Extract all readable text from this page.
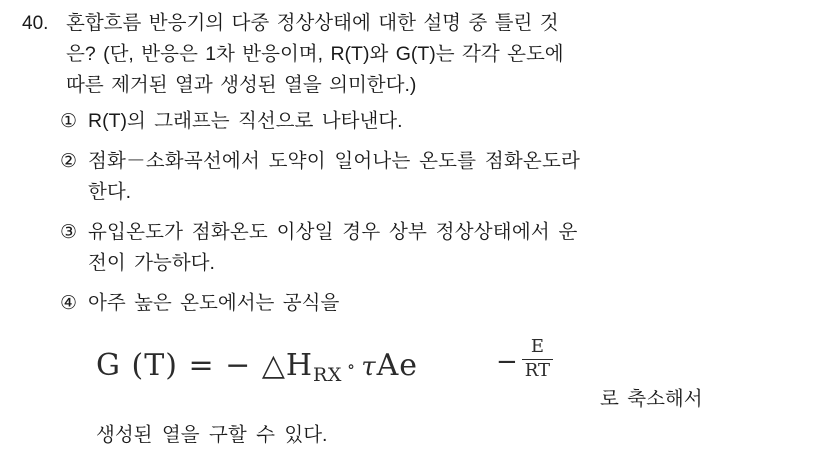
40. 혼합흐름 반응기의 다중 정상상태에 대한 설명 중 틀린 것
은? (단, 반응은 1차 반응이며, R(T)와 G(T)는 각각 온도에
따른 제거된 열과 생성된 열을 의미한다.)
① R(T)의 그래프는 직선으로 나타낸다.
② 점화－소화곡선에서 도약이 일어나는 온도를 점화온도라
한다.
③ 유입온도가 점화온도 이상일 경우 상부 정상상태에서 운
전이 가능하다.
④ 아주 높은 온도에서는 공식을
G (T) = − $\triangle H_{RX}$ ∘ τAe	− $\frac{E}{RT}$
로 축소해서
생성된 열을 구할 수 있다.
